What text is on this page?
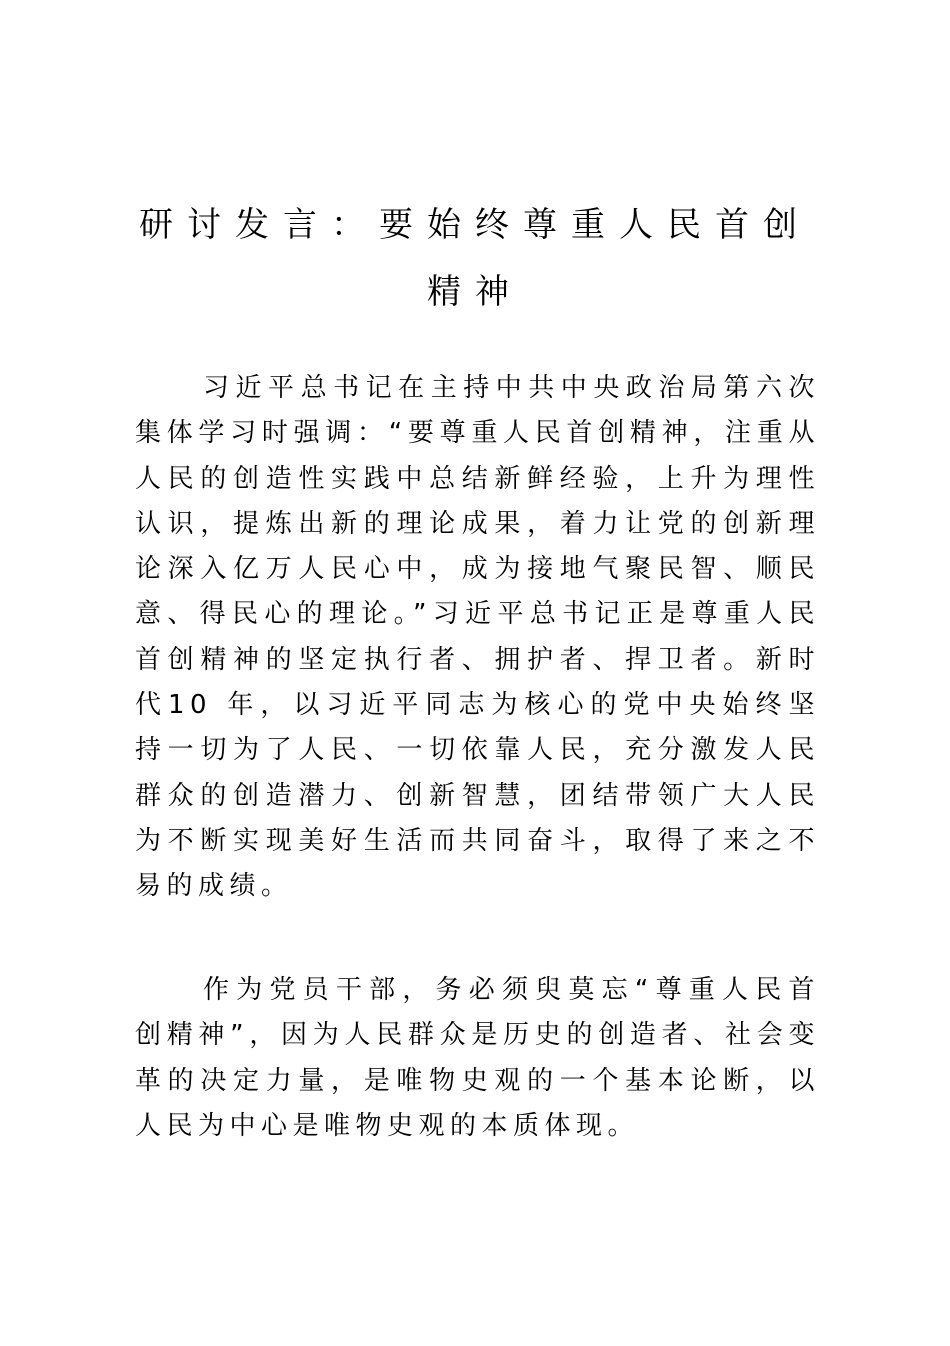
研讨发言：要始终尊重人民首创精神

习近平总书记在主持中共中央政治局第六次集体学习时强调：“要尊重人民首创精神，注重从人民的创造性实践中总结新鲜经验，上升为理性认识，提炼出新的理论成果，着力让党的创新理论深入亿万人民心中，成为接地气聚民智、顺民意、得民心的理论。”习近平总书记正是尊重人民首创精神的坚定执行者、拥护者、捍卫者。新时代10 年，以习近平同志为核心的党中央始终坚持一切为了人民、一切依靠人民，充分激发人民群众的创造潜力、创新智慧，团结带领广大人民为不断实现美好生活而共同奋斗，取得了来之不易的成绩。

作为党员干部，务必须臾莫忘“尊重人民首创精神”，因为人民群众是历史的创造者、社会变革的决定力量，是唯物史观的一个基本论断，以人民为中心是唯物史观的本质体现。
